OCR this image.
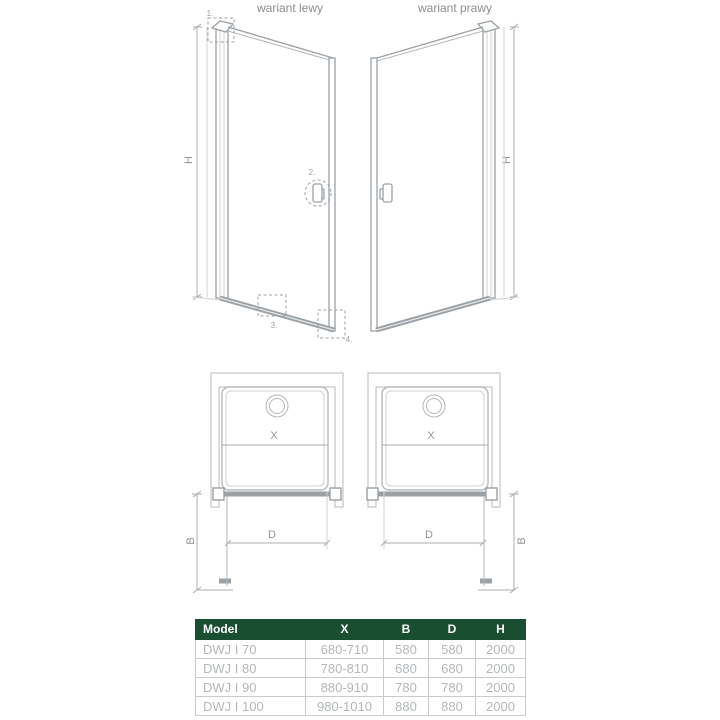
wariant lewy	wariant prawy
H
1.
2.
3.
4.
H
X
D
B
X
D	B
Model	X	B	D	H
DWJ I 70	680-710	580	580	2000
DWJ I 80	780-810	680	680	2000
DWJ I 90	880-910	780	780	2000
DWJ I 100	980-1010	880	880	2000
